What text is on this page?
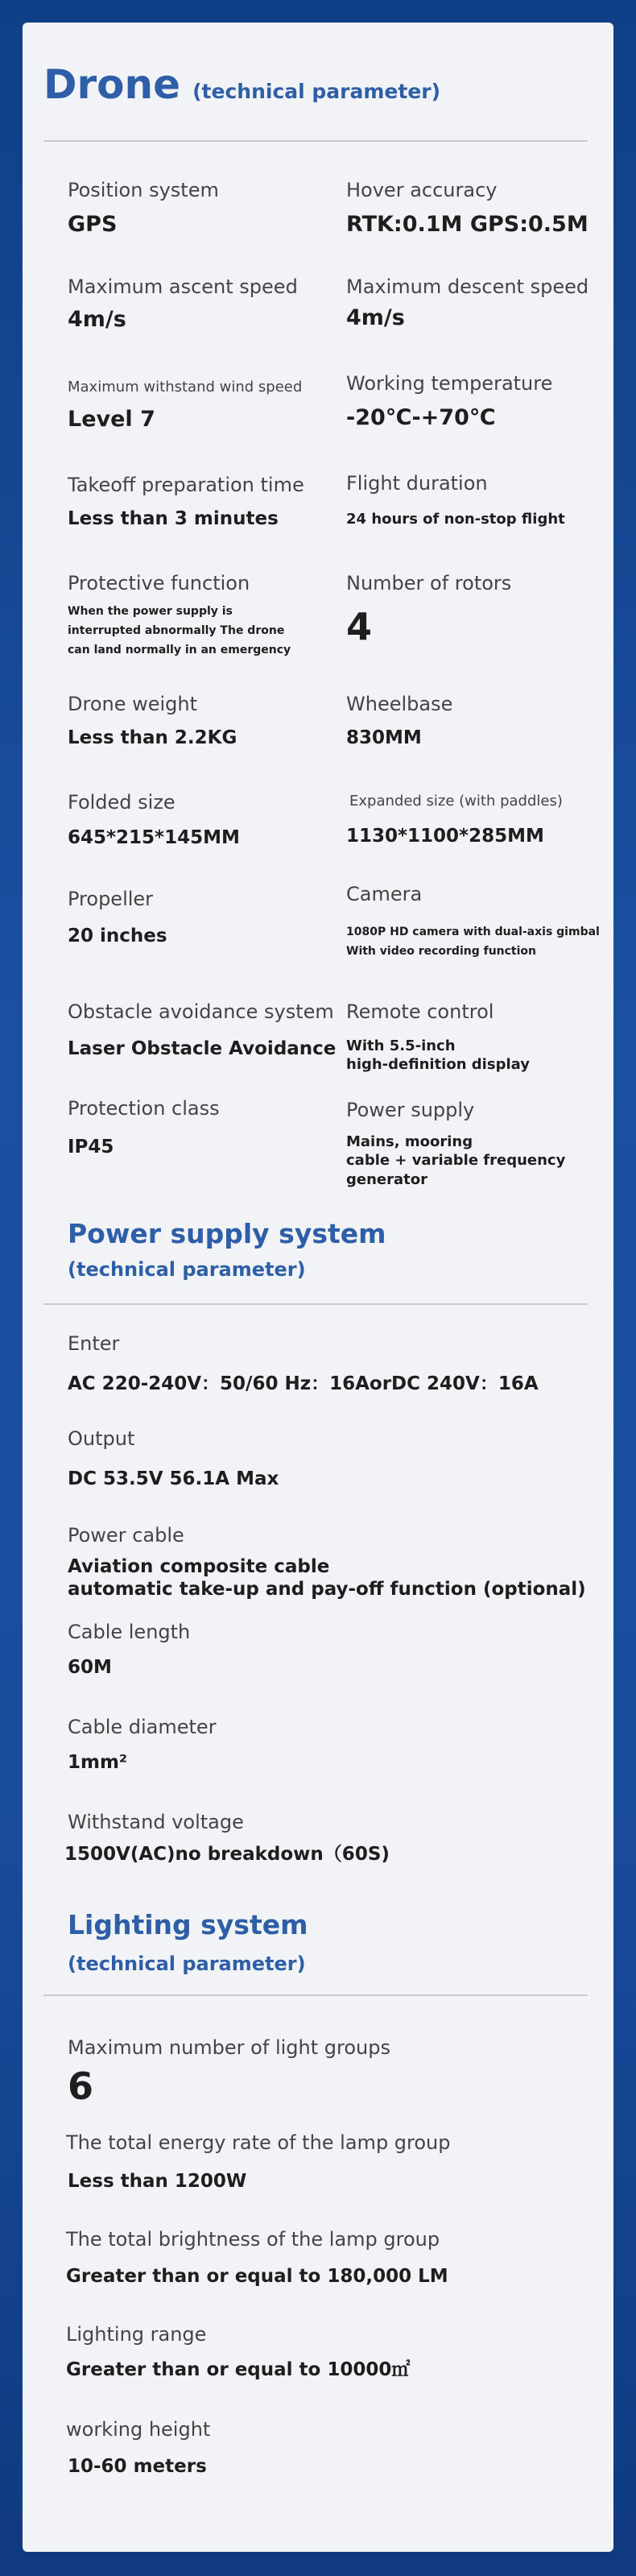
Drone (technical parameter)
Position system
GPS
Hover accuracy
RTK:0.1M GPS:0.5M
Maximum ascent speed
4m/s
Maximum descent speed
4m/s
Maximum withstand wind speed
Level 7
Working temperature
-20℃-+70℃
Takeoff preparation time
Less than 3 minutes
Flight duration
24 hours of non-stop flight
Protective function
When the power supply is
interrupted abnormally The drone
can land normally in an emergency
Number of rotors
4
Drone weight
Less than 2.2KG
Wheelbase
830MM
Folded size
645*215*145MM
Expanded size (with paddles)
1130*1100*285MM
Propeller
20 inches
Camera
1080P HD camera with dual-axis gimbal
With video recording function
Obstacle avoidance system
Laser Obstacle Avoidance
Remote control
With 5.5-inch
high-definition display
Protection class
IP45
Power supply
Mains, mooring
cable + variable frequency
generator
Power supply system
(technical parameter)
Enter
AC 220-240V：50/60 Hz：16AorDC 240V：16A
Output
DC 53.5V 56.1A Max
Power cable
Aviation composite cable
automatic take-up and pay-off function (optional)
Cable length
60M
Cable diameter
1mm²
Withstand voltage
1500V(AC)no breakdown（60S)
Lighting system
(technical parameter)
Maximum number of light groups
6
The total energy rate of the lamp group
Less than 1200W
The total brightness of the lamp group
Greater than or equal to 180,000 LM
Lighting range
Greater than or equal to 10000㎡
working height
10-60 meters
